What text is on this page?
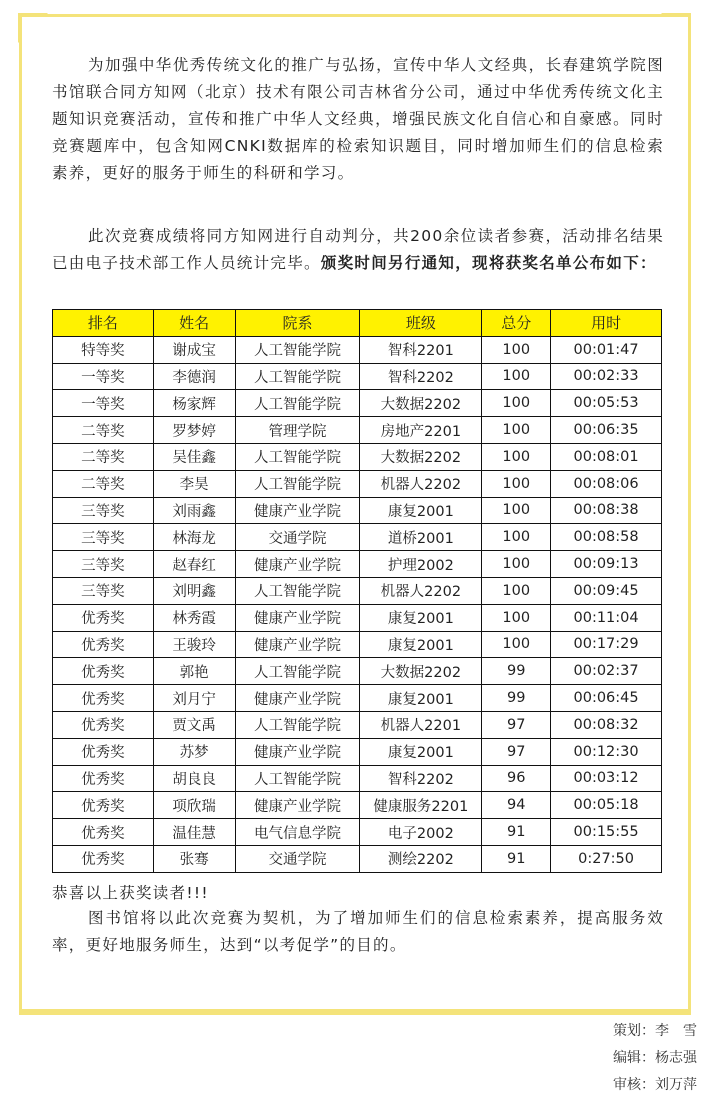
为加强中华优秀传统文化的推广与弘扬，宣传中华人文经典，长春建筑学院图书馆联合同方知网（北京）技术有限公司吉林省分公司，通过中华优秀传统文化主题知识竞赛活动，宣传和推广中华人文经典，增强民族文化自信心和自豪感。同时竞赛题库中，包含知网CNKI数据库的检索知识题目，同时增加师生们的信息检索素养，更好的服务于师生的科研和学习。

此次竞赛成绩将同方知网进行自动判分，共200余位读者参赛，活动排名结果已由电子技术部工作人员统计完毕。颁奖时间另行通知，现将获奖名单公布如下：

排名	姓名	院系	班级	总分	用时
特等奖	谢成宝	人工智能学院	智科2201	100	00:01:47
一等奖	李德润	人工智能学院	智科2202	100	00:02:33
一等奖	杨家辉	人工智能学院	大数据2202	100	00:05:53
二等奖	罗梦婷	管理学院	房地产2201	100	00:06:35
二等奖	吴佳鑫	人工智能学院	大数据2202	100	00:08:01
二等奖	李昊	人工智能学院	机器人2202	100	00:08:06
三等奖	刘雨鑫	健康产业学院	康复2001	100	00:08:38
三等奖	林海龙	交通学院	道桥2001	100	00:08:58
三等奖	赵春红	健康产业学院	护理2002	100	00:09:13
三等奖	刘明鑫	人工智能学院	机器人2202	100	00:09:45
优秀奖	林秀霞	健康产业学院	康复2001	100	00:11:04
优秀奖	王骏玲	健康产业学院	康复2001	100	00:17:29
优秀奖	郭艳	人工智能学院	大数据2202	99	00:02:37
优秀奖	刘月宁	健康产业学院	康复2001	99	00:06:45
优秀奖	贾文禹	人工智能学院	机器人2201	97	00:08:32
优秀奖	苏梦	健康产业学院	康复2001	97	00:12:30
优秀奖	胡良良	人工智能学院	智科2202	96	00:03:12
优秀奖	项欣瑞	健康产业学院	健康服务2201	94	00:05:18
优秀奖	温佳慧	电气信息学院	电子2002	91	00:15:55
优秀奖	张骞	交通学院	测绘2202	91	0:27:50

恭喜以上获奖读者!!!

图书馆将以此次竞赛为契机，为了增加师生们的信息检索素养，提高服务效率，更好地服务师生，达到“以考促学”的目的。

策划：李　雪
编辑：杨志强
审核：刘万萍
